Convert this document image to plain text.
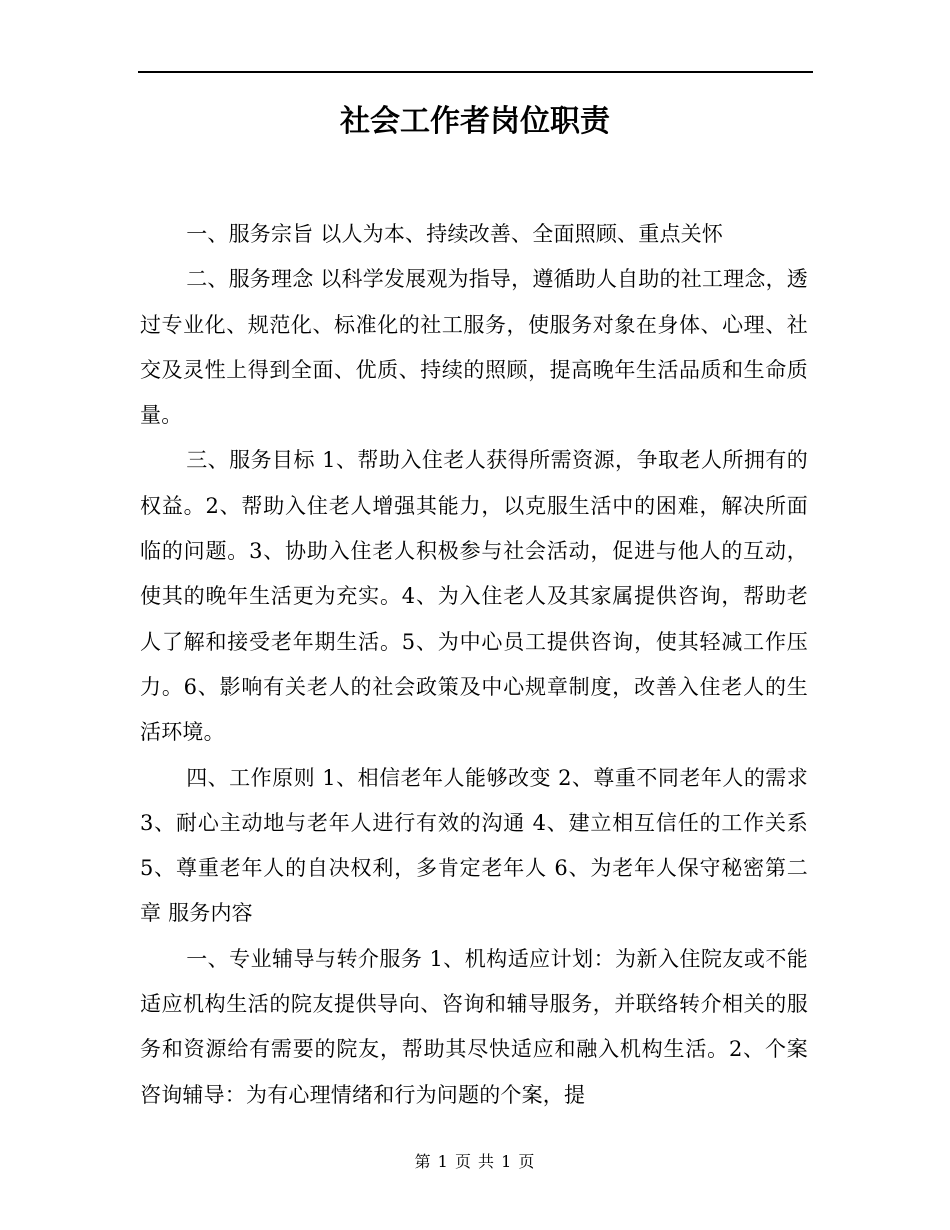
社会工作者岗位职责

一、服务宗旨 以人为本、持续改善、全面照顾、重点关怀

二、服务理念 以科学发展观为指导，遵循助人自助的社工理念，透过专业化、规范化、标准化的社工服务，使服务对象在身体、心理、社交及灵性上得到全面、优质、持续的照顾，提高晚年生活品质和生命质量。

三、服务目标 1、帮助入住老人获得所需资源，争取老人所拥有的权益。2、帮助入住老人增强其能力，以克服生活中的困难，解决所面临的问题。3、协助入住老人积极参与社会活动，促进与他人的互动，使其的晚年生活更为充实。4、为入住老人及其家属提供咨询，帮助老人了解和接受老年期生活。5、为中心员工提供咨询，使其轻减工作压力。6、影响有关老人的社会政策及中心规章制度，改善入住老人的生活环境。

四、工作原则 1、相信老年人能够改变 2、尊重不同老年人的需求 3、耐心主动地与老年人进行有效的沟通 4、建立相互信任的工作关系 5、尊重老年人的自决权利，多肯定老年人 6、为老年人保守秘密第二章 服务内容

一、专业辅导与转介服务 1、机构适应计划：为新入住院友或不能适应机构生活的院友提供导向、咨询和辅导服务，并联络转介相关的服务和资源给有需要的院友，帮助其尽快适应和融入机构生活。2、个案咨询辅导：为有心理情绪和行为问题的个案，提

第 1 页 共 1 页
